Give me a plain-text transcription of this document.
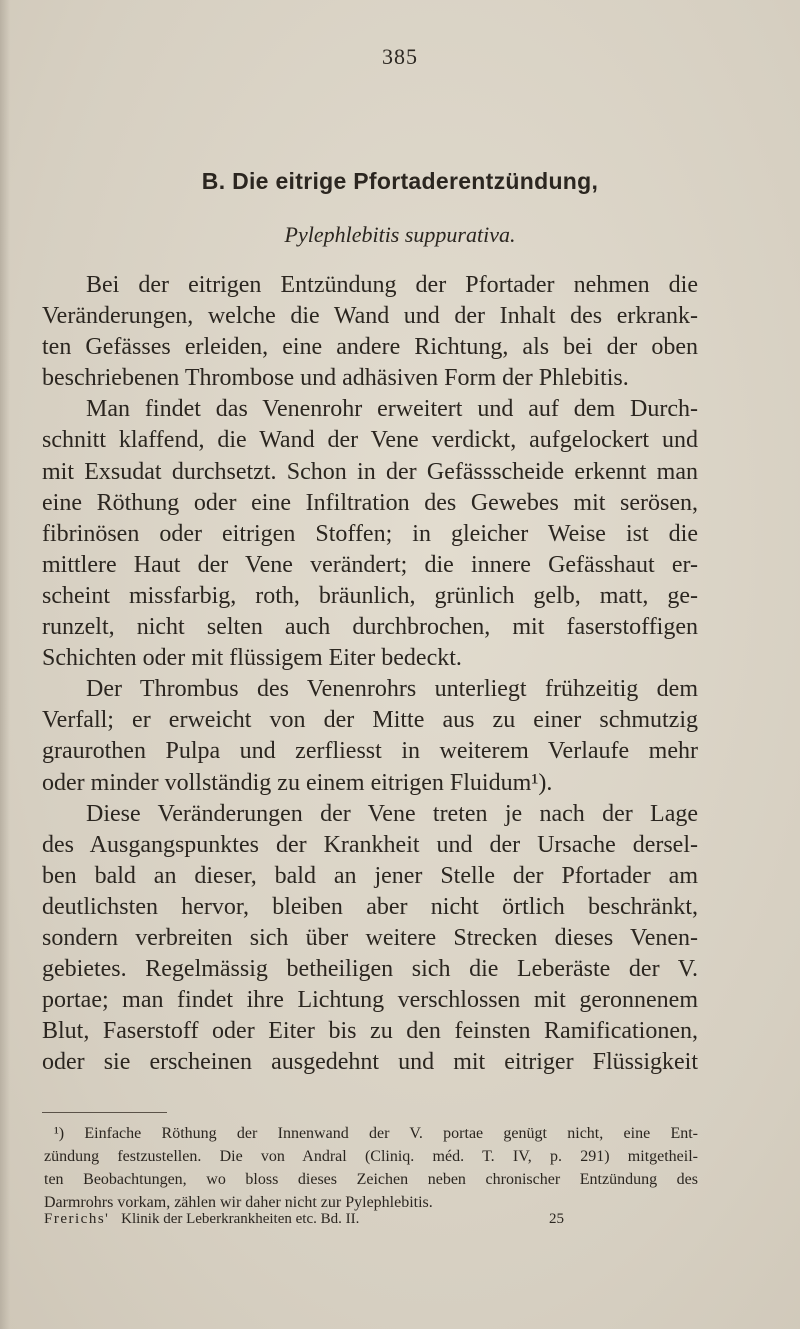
385
B. Die eitrige Pfortaderentzündung,
Pylephlebitis suppurativa.
Bei der eitrigen Entzündung der Pfortader nehmen die
Veränderungen, welche die Wand und der Inhalt des erkrank-
ten Gefässes erleiden, eine andere Richtung, als bei der oben
beschriebenen Thrombose und adhäsiven Form der Phlebitis.
Man findet das Venenrohr erweitert und auf dem Durch-
schnitt klaffend, die Wand der Vene verdickt, aufgelockert und
mit Exsudat durchsetzt. Schon in der Gefässscheide erkennt man
eine Röthung oder eine Infiltration des Gewebes mit serösen,
fibrinösen oder eitrigen Stoffen; in gleicher Weise ist die
mittlere Haut der Vene verändert; die innere Gefässhaut er-
scheint missfarbig, roth, bräunlich, grünlich gelb, matt, ge-
runzelt, nicht selten auch durchbrochen, mit faserstoffigen
Schichten oder mit flüssigem Eiter bedeckt.
Der Thrombus des Venenrohrs unterliegt frühzeitig dem
Verfall; er erweicht von der Mitte aus zu einer schmutzig
graurothen Pulpa und zerfliesst in weiterem Verlaufe mehr
oder minder vollständig zu einem eitrigen Fluidum¹).
Diese Veränderungen der Vene treten je nach der Lage
des Ausgangspunktes der Krankheit und der Ursache dersel-
ben bald an dieser, bald an jener Stelle der Pfortader am
deutlichsten hervor, bleiben aber nicht örtlich beschränkt,
sondern verbreiten sich über weitere Strecken dieses Venen-
gebietes. Regelmässig betheiligen sich die Leberäste der V.
portae; man findet ihre Lichtung verschlossen mit geronnenem
Blut, Faserstoff oder Eiter bis zu den feinsten Ramificationen,
oder sie erscheinen ausgedehnt und mit eitriger Flüssigkeit
¹) Einfache Röthung der Innenwand der V. portae genügt nicht, eine Ent-
zündung festzustellen. Die von Andral (Cliniq. méd. T. IV, p. 291) mitgetheil-
ten Beobachtungen, wo bloss dieses Zeichen neben chronischer Entzündung des
Darmrohrs vorkam, zählen wir daher nicht zur Pylephlebitis.
Frerichs' Klinik der Leberkrankheiten etc. Bd. II.	25
